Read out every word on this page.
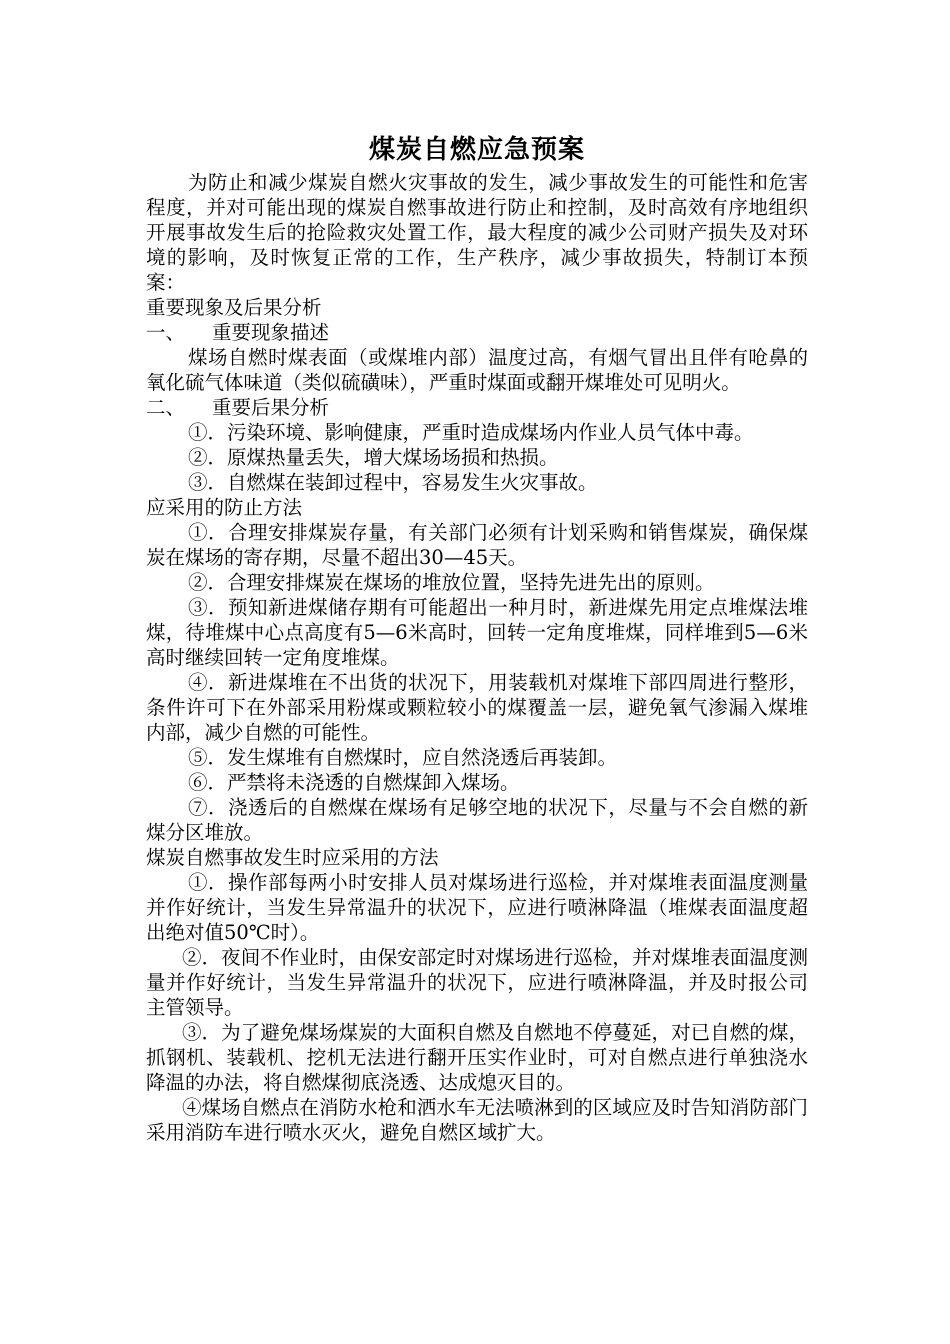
煤炭自燃应急预案

为防止和减少煤炭自燃火灾事故的发生，减少事故发生的可能性和危害程度，并对可能出现的煤炭自燃事故进行防止和控制，及时高效有序地组织开展事故发生后的抢险救灾处置工作，最大程度的减少公司财产损失及对环境的影响，及时恢复正常的工作，生产秩序，减少事故损失，特制订本预案：

重要现象及后果分析

一、 重要现象描述

煤场自燃时煤表面（或煤堆内部）温度过高，有烟气冒出且伴有呛鼻的氧化硫气体味道（类似硫磺味），严重时煤面或翻开煤堆处可见明火。

二、 重要后果分析

①．污染环境、影响健康，严重时造成煤场内作业人员气体中毒。

②．原煤热量丢失，增大煤场场损和热损。

③．自燃煤在装卸过程中，容易发生火灾事故。

应采用的防止方法

①．合理安排煤炭存量，有关部门必须有计划采购和销售煤炭，确保煤炭在煤场的寄存期，尽量不超出30—45天。

②．合理安排煤炭在煤场的堆放位置，坚持先进先出的原则。

③．预知新进煤储存期有可能超出一种月时，新进煤先用定点堆煤法堆煤，待堆煤中心点高度有5—6米高时，回转一定角度堆煤，同样堆到5—6米高时继续回转一定角度堆煤。

④．新进煤堆在不出货的状况下，用装载机对煤堆下部四周进行整形，条件许可下在外部采用粉煤或颗粒较小的煤覆盖一层，避免氧气渗漏入煤堆内部，减少自燃的可能性。

⑤．发生煤堆有自燃煤时，应自然浇透后再装卸。

⑥．严禁将未浇透的自燃煤卸入煤场。

⑦．浇透后的自燃煤在煤场有足够空地的状况下，尽量与不会自燃的新煤分区堆放。

煤炭自燃事故发生时应采用的方法

①．操作部每两小时安排人员对煤场进行巡检，并对煤堆表面温度测量并作好统计，当发生异常温升的状况下，应进行喷淋降温（堆煤表面温度超出绝对值50℃时）。

②．夜间不作业时，由保安部定时对煤场进行巡检，并对煤堆表面温度测量并作好统计，当发生异常温升的状况下，应进行喷淋降温，并及时报公司主管领导。

③．为了避免煤场煤炭的大面积自燃及自燃地不停蔓延，对已自燃的煤，抓钢机、装载机、挖机无法进行翻开压实作业时，可对自燃点进行单独浇水降温的办法，将自燃煤彻底浇透、达成熄灭目的。

④煤场自燃点在消防水枪和洒水车无法喷淋到的区域应及时告知消防部门采用消防车进行喷水灭火，避免自燃区域扩大。
